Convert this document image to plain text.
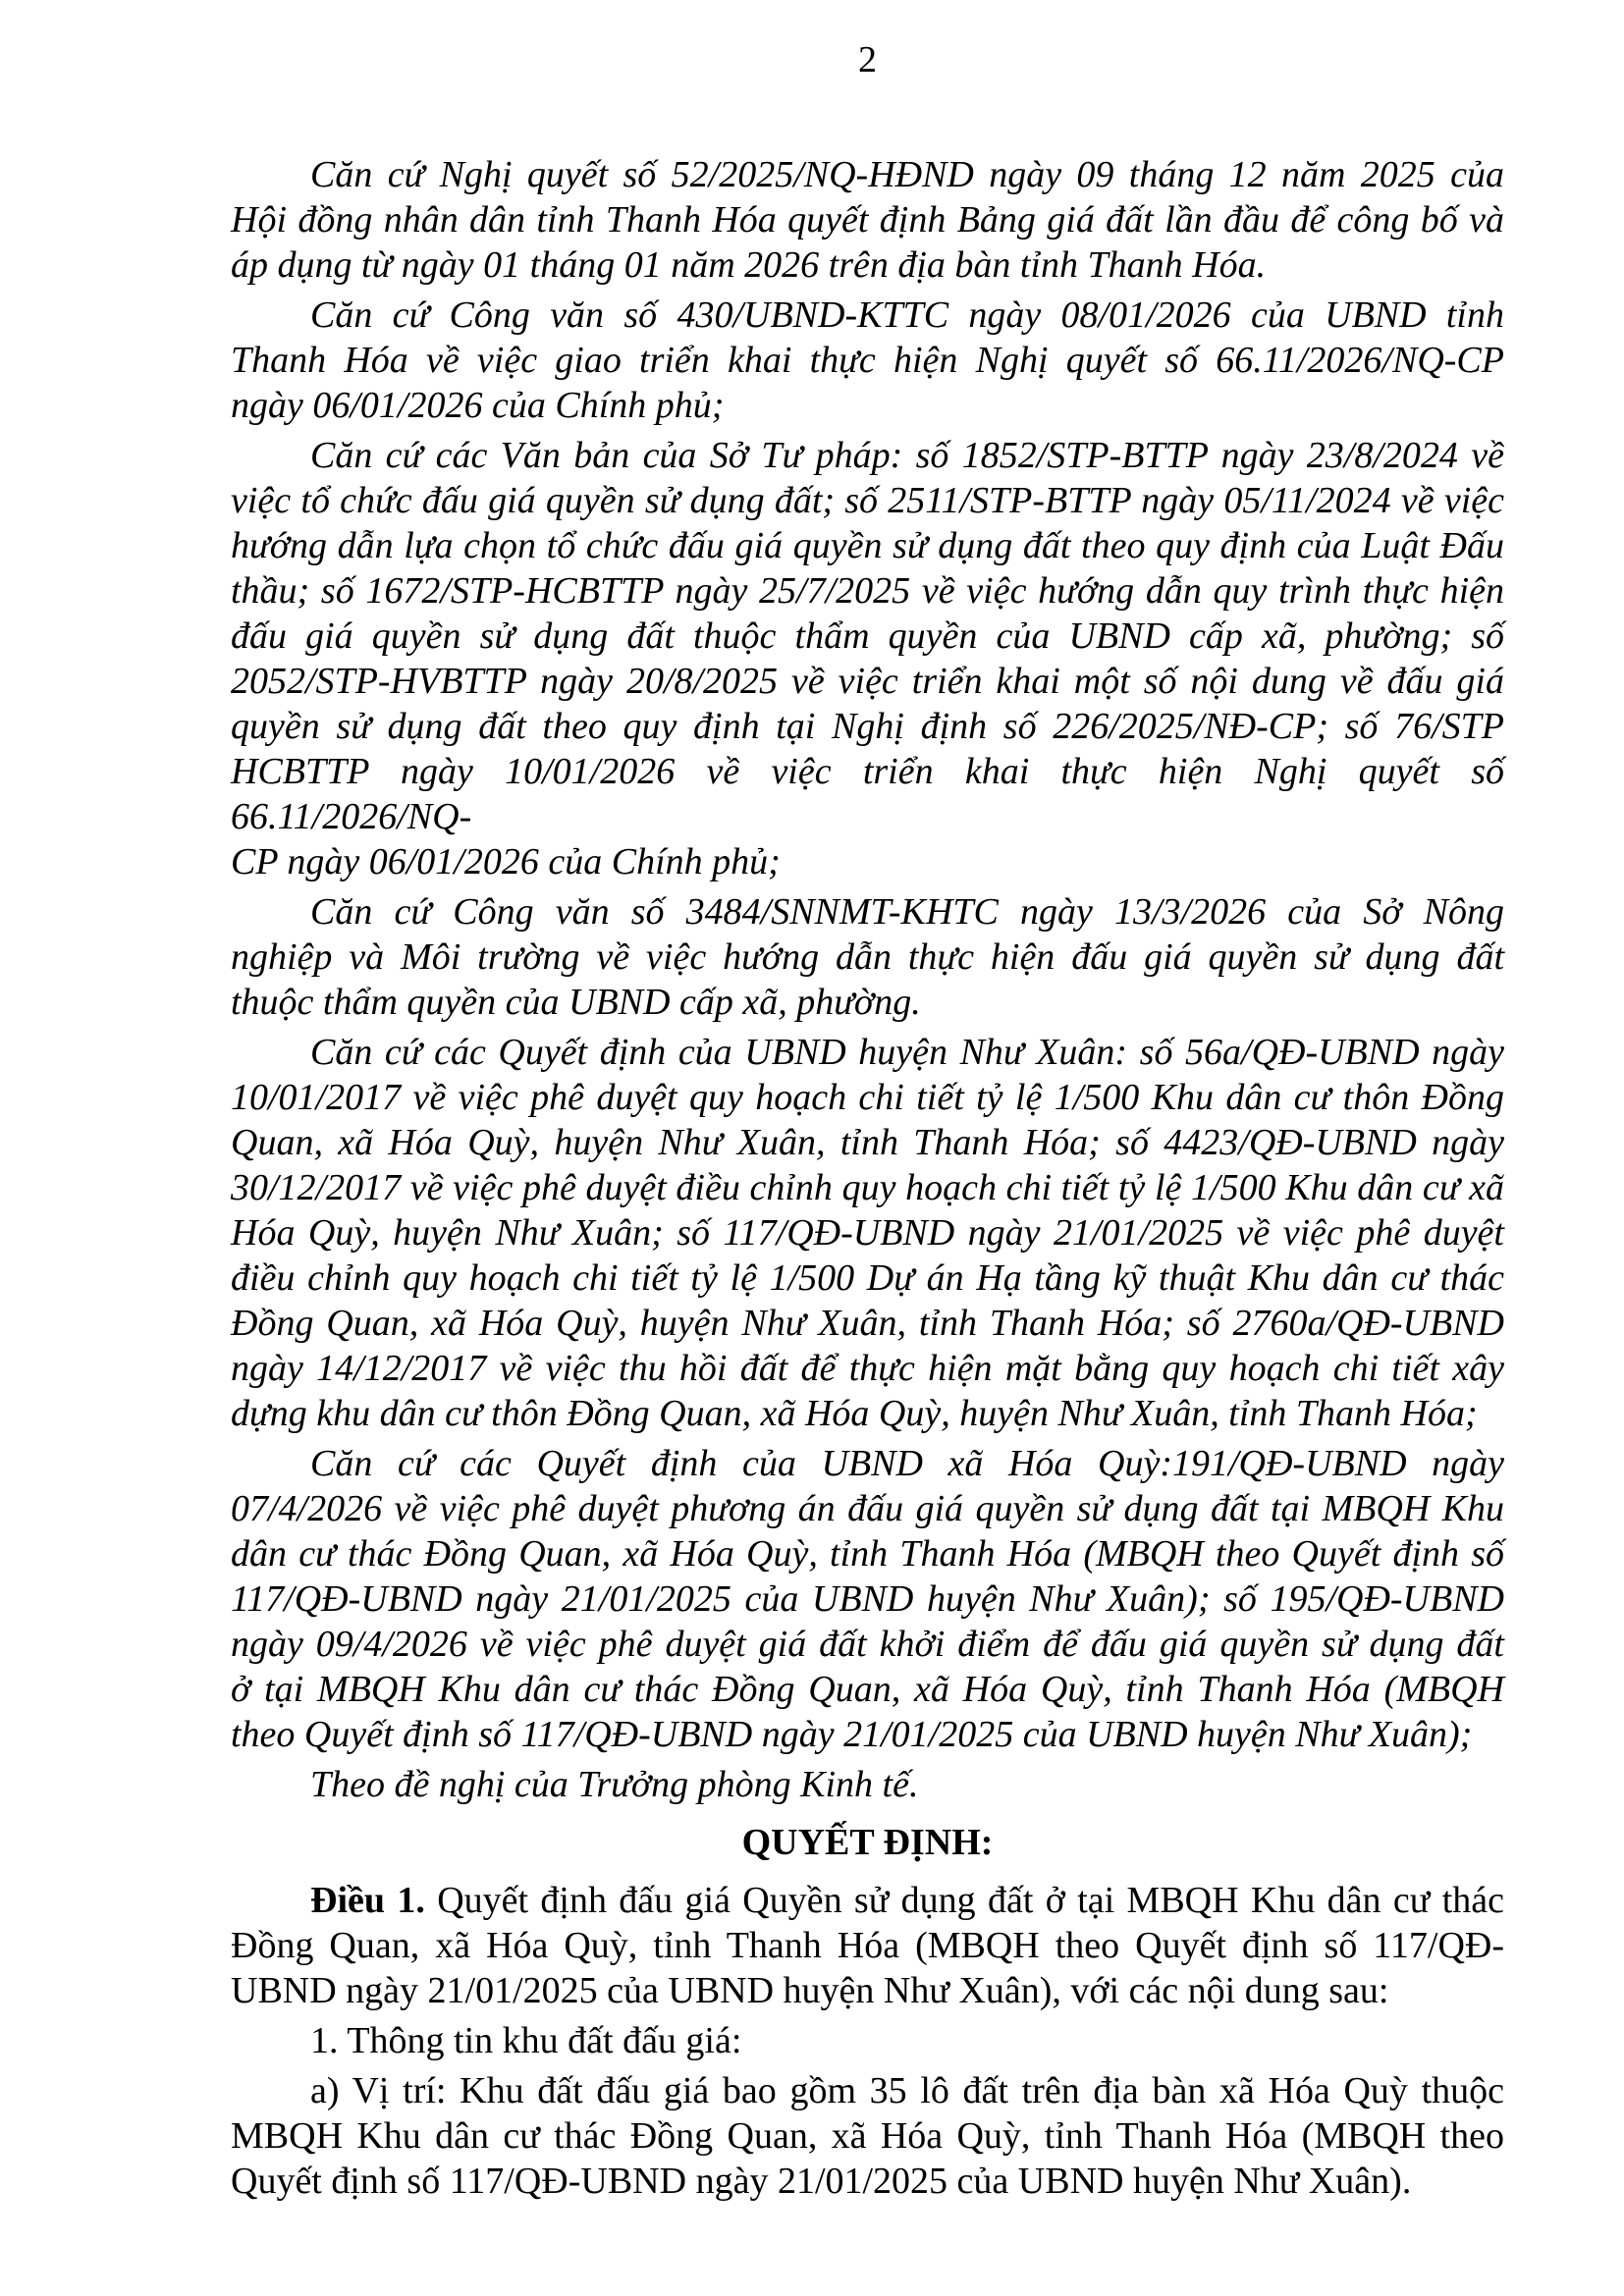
2
Căn cứ Nghị quyết số 52/2025/NQ-HĐND ngày 09 tháng 12 năm 2025 của
Hội đồng nhân dân tỉnh Thanh Hóa quyết định Bảng giá đất lần đầu để công bố và
áp dụng từ ngày 01 tháng 01 năm 2026 trên địa bàn tỉnh Thanh Hóa.
Căn cứ Công văn số 430/UBND-KTTC ngày 08/01/2026 của UBND tỉnh
Thanh Hóa về việc giao triển khai thực hiện Nghị quyết số 66.11/2026/NQ-CP
ngày 06/01/2026 của Chính phủ;
Căn cứ các Văn bản của Sở Tư pháp: số 1852/STP-BTTP ngày 23/8/2024 về
việc tổ chức đấu giá quyền sử dụng đất; số 2511/STP-BTTP ngày 05/11/2024 về việc
hướng dẫn lựa chọn tổ chức đấu giá quyền sử dụng đất theo quy định của Luật Đấu
thầu; số 1672/STP-HCBTTP ngày 25/7/2025 về việc hướng dẫn quy trình thực hiện
đấu giá quyền sử dụng đất thuộc thẩm quyền của UBND cấp xã, phường; số
2052/STP-HVBTTP ngày 20/8/2025 về việc triển khai một số nội dung về đấu giá
quyền sử dụng đất theo quy định tại Nghị định số 226/2025/NĐ-CP; số 76/STP
HCBTTP ngày 10/01/2026 về việc triển khai thực hiện Nghị quyết số 66.11/2026/NQ-
CP ngày 06/01/2026 của Chính phủ;
Căn cứ Công văn số 3484/SNNMT-KHTC ngày 13/3/2026 của Sở Nông
nghiệp và Môi trường về việc hướng dẫn thực hiện đấu giá quyền sử dụng đất
thuộc thẩm quyền của UBND cấp xã, phường.
Căn cứ các Quyết định của UBND huyện Như Xuân: số 56a/QĐ-UBND ngày
10/01/2017 về việc phê duyệt quy hoạch chi tiết tỷ lệ 1/500 Khu dân cư thôn Đồng
Quan, xã Hóa Quỳ, huyện Như Xuân, tỉnh Thanh Hóa; số 4423/QĐ-UBND ngày
30/12/2017 về việc phê duyệt điều chỉnh quy hoạch chi tiết tỷ lệ 1/500 Khu dân cư xã
Hóa Quỳ, huyện Như Xuân; số 117/QĐ-UBND ngày 21/01/2025 về việc phê duyệt
điều chỉnh quy hoạch chi tiết tỷ lệ 1/500 Dự án Hạ tầng kỹ thuật Khu dân cư thác
Đồng Quan, xã Hóa Quỳ, huyện Như Xuân, tỉnh Thanh Hóa; số 2760a/QĐ-UBND
ngày 14/12/2017 về việc thu hồi đất để thực hiện mặt bằng quy hoạch chi tiết xây
dựng khu dân cư thôn Đồng Quan, xã Hóa Quỳ, huyện Như Xuân, tỉnh Thanh Hóa;
Căn cứ các Quyết định của UBND xã Hóa Quỳ:191/QĐ-UBND ngày
07/4/2026 về việc phê duyệt phương án đấu giá quyền sử dụng đất tại MBQH Khu
dân cư thác Đồng Quan, xã Hóa Quỳ, tỉnh Thanh Hóa (MBQH theo Quyết định số
117/QĐ-UBND ngày 21/01/2025 của UBND huyện Như Xuân); số 195/QĐ-UBND
ngày 09/4/2026 về việc phê duyệt giá đất khởi điểm để đấu giá quyền sử dụng đất
ở tại MBQH Khu dân cư thác Đồng Quan, xã Hóa Quỳ, tỉnh Thanh Hóa (MBQH
theo Quyết định số 117/QĐ-UBND ngày 21/01/2025 của UBND huyện Như Xuân);
Theo đề nghị của Trưởng phòng Kinh tế.
QUYẾT ĐỊNH:
Điều 1. Quyết định đấu giá Quyền sử dụng đất ở tại MBQH Khu dân cư thác
Đồng Quan, xã Hóa Quỳ, tỉnh Thanh Hóa (MBQH theo Quyết định số 117/QĐ-
UBND ngày 21/01/2025 của UBND huyện Như Xuân), với các nội dung sau:
1. Thông tin khu đất đấu giá:
a) Vị trí: Khu đất đấu giá bao gồm 35 lô đất trên địa bàn xã Hóa Quỳ thuộc
MBQH Khu dân cư thác Đồng Quan, xã Hóa Quỳ, tỉnh Thanh Hóa (MBQH theo
Quyết định số 117/QĐ-UBND ngày 21/01/2025 của UBND huyện Như Xuân).
